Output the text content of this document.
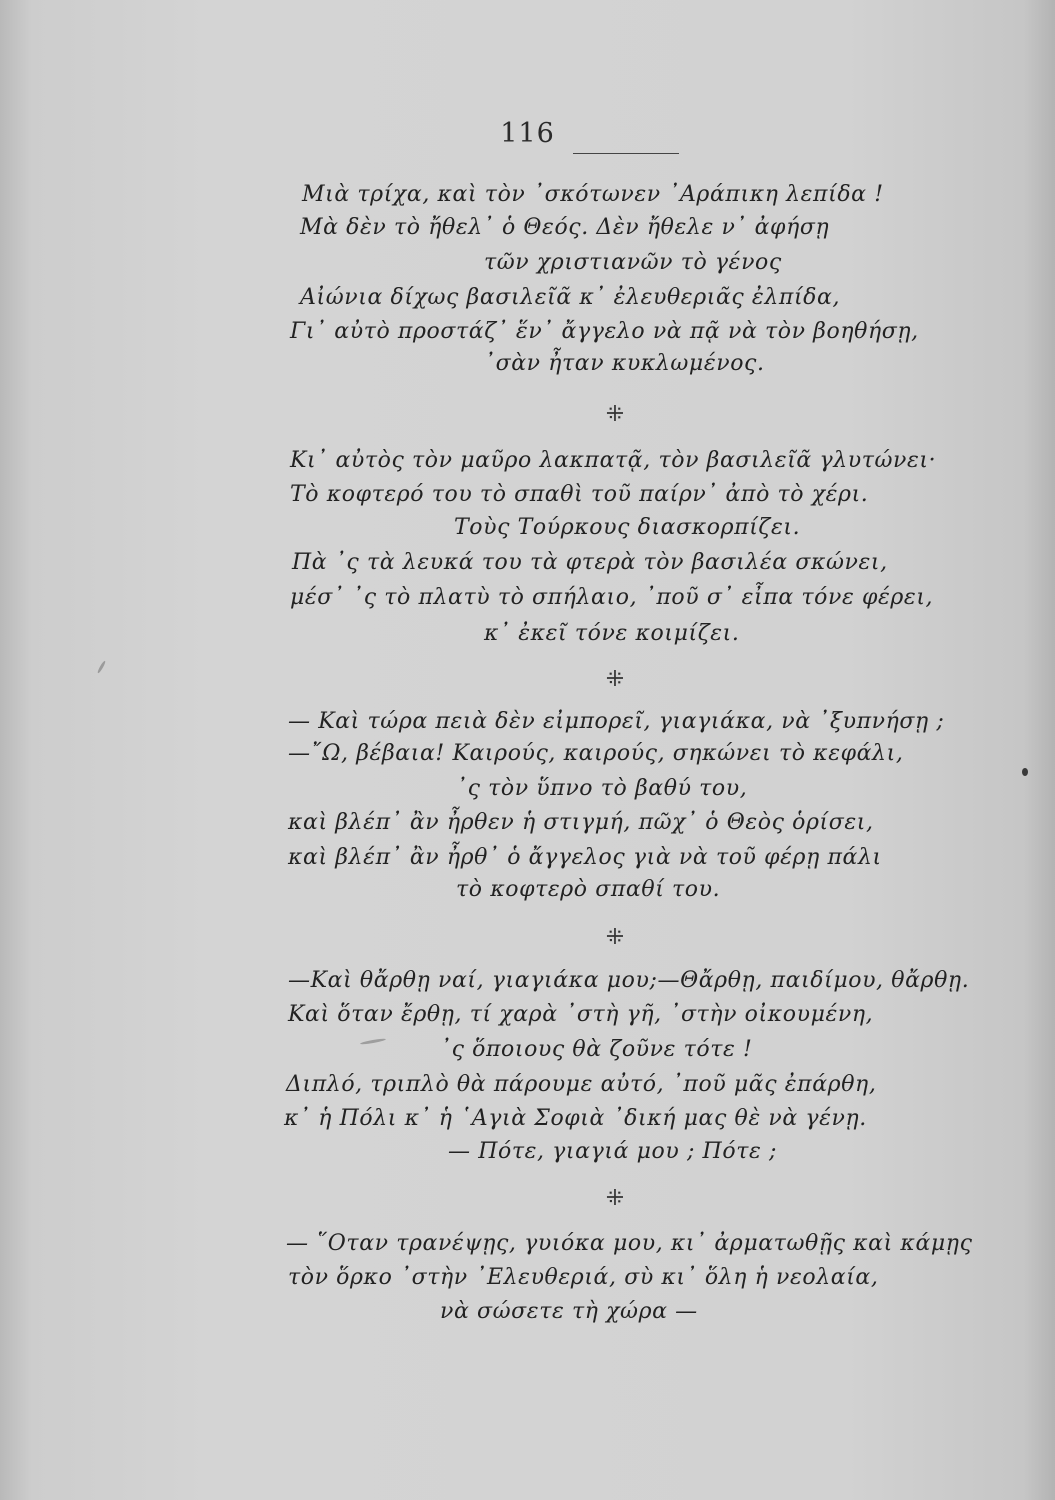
116
Μιὰ τρίχα, καὶ τὸν ᾿σκότωνεν ᾿Αράπικη λεπίδα !
Μὰ δὲν τὸ ἤθελ᾿ ὁ Θεός. Δὲν ἤθελε ν᾿ ἀφήσῃ
τῶν χριστιανῶν τὸ γένος
Αἰώνια δίχως βασιλεῖᾶ κ᾿ ἐλευθεριᾶς ἐλπίδα,
Γι᾿ αὐτὸ προστάζ᾿ ἕν᾿ ἄγγελο νὰ πᾷ νὰ τὸν βοηθήσῃ,
᾿σὰν ἦταν κυκλωμένος.
⁜
Κι᾿ αὐτὸς τὸν μαῦρο λακπατᾷ, τὸν βασιλεῖᾶ γλυτώνει·
Τὸ κοφτερό του τὸ σπαθὶ τοῦ παίρν᾿ ἀπὸ τὸ χέρι.
Τοὺς Τούρκους διασκορπίζει.
Πὰ ᾿ς τὰ λευκά του τὰ φτερὰ τὸν βασιλέα σκώνει,
μέσ᾿ ᾿ς τὸ πλατὺ τὸ σπήλαιο, ᾿ποῦ σ᾿ εἶπα τόνε φέρει,
κ᾿ ἐκεῖ τόνε κοιμίζει.
⁜
— Καὶ τώρα πειὰ δὲν εἰμπορεῖ, γιαγιάκα, νὰ ᾿ξυπνήσῃ ;
—῎Ω, βέβαια! Καιρούς, καιρούς, σηκώνει τὸ κεφάλι,
᾿ς τὸν ὕπνο τὸ βαθύ του,
καὶ βλέπ᾿ ἂν ἦρθεν ἡ στιγμή, πῶχ᾿ ὁ Θεὸς ὁρίσει,
καὶ βλέπ᾿ ἂν ἦρθ᾿ ὁ ἄγγελος γιὰ νὰ τοῦ φέρῃ πάλι
τὸ κοφτερὸ σπαθί του.
⁜
—Καὶ θἄρθῃ ναί, γιαγιάκα μου;—Θἄρθῃ, παιδίμου, θἄρθῃ.
Καὶ ὅταν ἔρθῃ, τί χαρὰ ᾿στὴ γῆ, ᾿στὴν οἰκουμένη,
᾿ς ὅποιους θὰ ζοῦνε τότε !
Διπλό, τριπλὸ θὰ πάρουμε αὐτό, ᾿ποῦ μᾶς ἐπάρθη,
κ᾿ ἡ Πόλι κ᾿ ἡ ῾Αγιὰ Σοφιὰ ᾿δική μας θὲ νὰ γένῃ.
— Πότε, γιαγιά μου ; Πότε ;
⁜
— ῞Οταν τρανέψῃς, γυιόκα μου, κι᾿ ἀρματωθῇς καὶ κάμῃς
τὸν ὅρκο ᾿στὴν ᾿Ελευθεριά, σὺ κι᾿ ὅλη ἡ νεολαία,
νὰ σώσετε τὴ χώρα —
